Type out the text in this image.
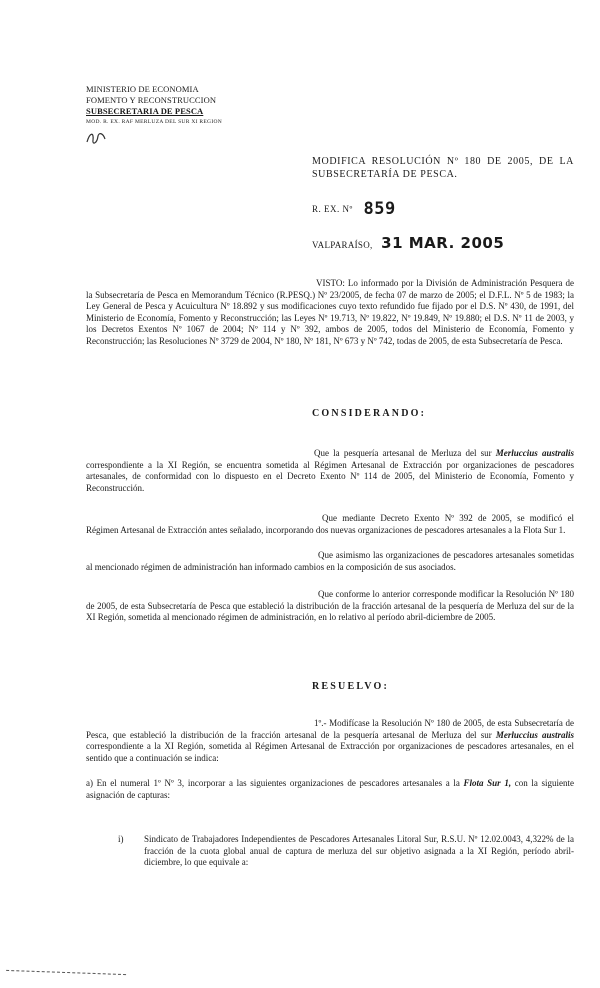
MINISTERIO DE ECONOMIA
FOMENTO Y RECONSTRUCCION
SUBSECRETARIA DE PESCA
MOD. R. EX. RAF MERLUZA DEL SUR XI REGION
MODIFICA RESOLUCIÓN Nº 180 DE 2005, DE LA SUBSECRETARÍA DE PESCA.
R. EX. Nº 859
VALPARAÍSO, 31 MAR. 2005
VISTO: Lo informado por la División de Administración Pesquera de la Subsecretaría de Pesca en Memorandum Técnico (R.PESQ.) Nº 23/2005, de fecha 07 de marzo de 2005; el D.F.L. Nº 5 de 1983; la Ley General de Pesca y Acuicultura Nº 18.892 y sus modificaciones cuyo texto refundido fue fijado por el D.S. Nº 430, de 1991, del Ministerio de Economía, Fomento y Reconstrucción; las Leyes Nº 19.713, Nº 19.822, Nº 19.849, Nº 19.880; el D.S. Nº 11 de 2003, y los Decretos Exentos Nº 1067 de 2004; Nº 114 y Nº 392, ambos de 2005, todos del Ministerio de Economía, Fomento y Reconstrucción; las Resoluciones Nº 3729 de 2004, Nº 180, Nº 181, Nº 673 y Nº 742, todas de 2005, de esta Subsecretaría de Pesca.
CONSIDERANDO:
Que la pesquería artesanal de Merluza del sur Merluccius australis correspondiente a la XI Región, se encuentra sometida al Régimen Artesanal de Extracción por organizaciones de pescadores artesanales, de conformidad con lo dispuesto en el Decreto Exento Nº 114 de 2005, del Ministerio de Economía, Fomento y Reconstrucción.
Que mediante Decreto Exento Nº 392 de 2005, se modificó el Régimen Artesanal de Extracción antes señalado, incorporando dos nuevas organizaciones de pescadores artesanales a la Flota Sur 1.
Que asimismo las organizaciones de pescadores artesanales sometidas al mencionado régimen de administración han informado cambios en la composición de sus asociados.
Que conforme lo anterior corresponde modificar la Resolución Nº 180 de 2005, de esta Subsecretaría de Pesca que estableció la distribución de la fracción artesanal de la pesquería de Merluza del sur de la XI Región, sometida al mencionado régimen de administración, en lo relativo al período abril-diciembre de 2005.
RESUELVO:
1º.- Modifícase la Resolución Nº 180 de 2005, de esta Subsecretaría de Pesca, que estableció la distribución de la fracción artesanal de la pesquería artesanal de Merluza del sur Merluccius australis correspondiente a la XI Región, sometida al Régimen Artesanal de Extracción por organizaciones de pescadores artesanales, en el sentido que a continuación se indica:
a) En el numeral 1º Nº 3, incorporar a las siguientes organizaciones de pescadores artesanales a la Flota Sur 1, con la siguiente asignación de capturas:
i) Sindicato de Trabajadores Independientes de Pescadores Artesanales Litoral Sur, R.S.U. Nº 12.02.0043, 4,322% de la fracción de la cuota global anual de captura de merluza del sur objetivo asignada a la XI Región, período abril-diciembre, lo que equivale a:
